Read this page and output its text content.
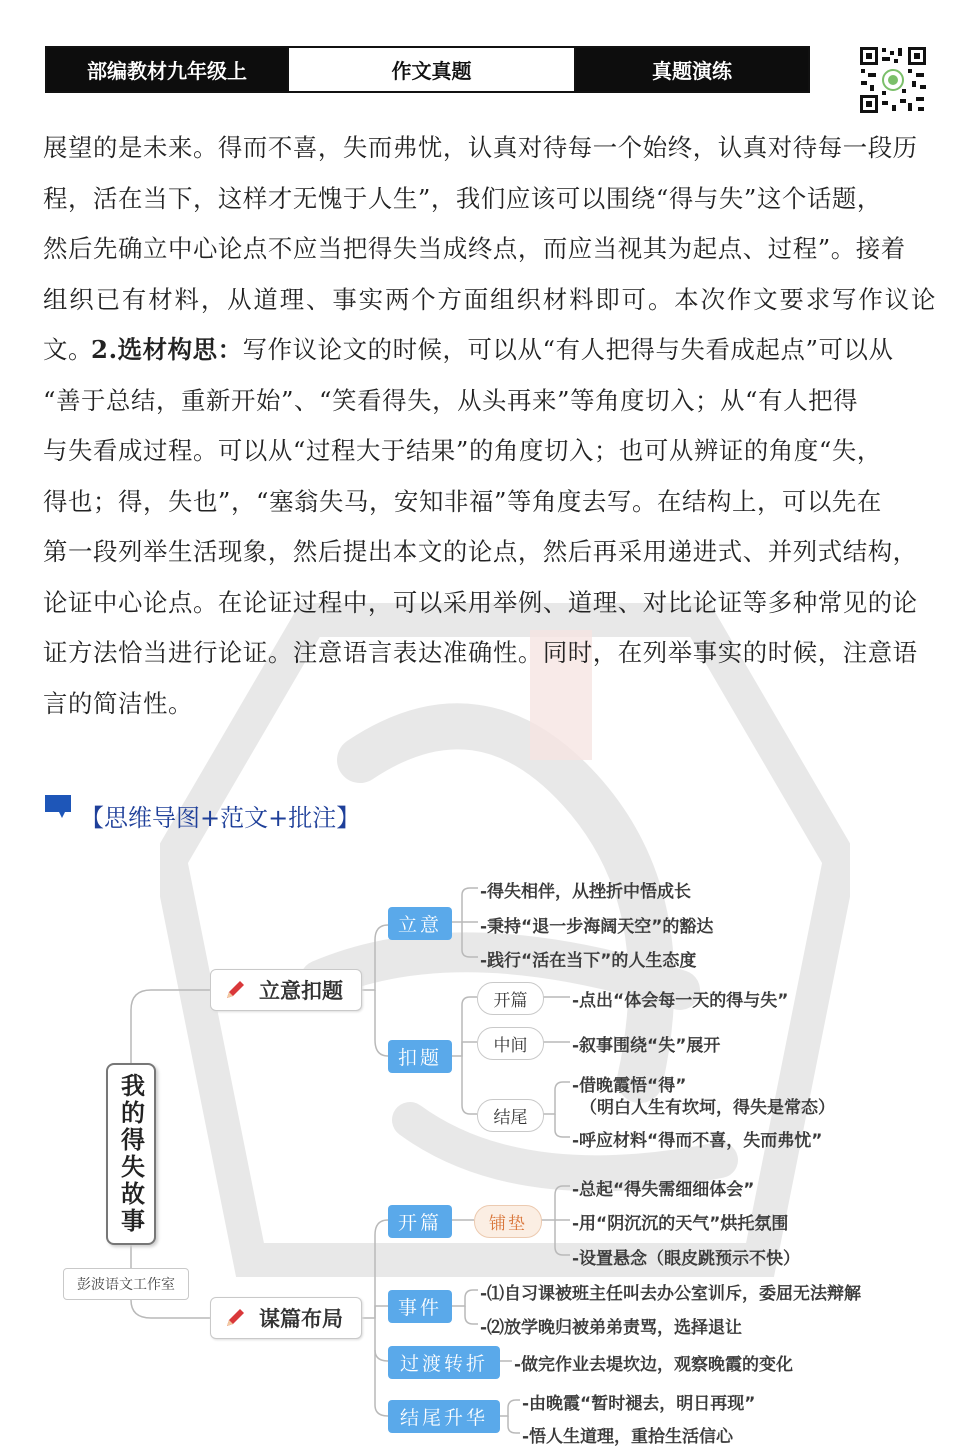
部编教材九年级上	作文真题	真题演练
展望的是未来。得而不喜，失而弗忧，认真对待每一个始终，认真对待每一段历
程，活在当下，这样才无愧于人生”，我们应该可以围绕“得与失”这个话题，
然后先确立中心论点不应当把得失当成终点，而应当视其为起点、过程”。接着
组织已有材料，从道理、事实两个方面组织材料即可。本次作文要求写作议论文。
2.选材构思：写作议论文的时候，可以从“有人把得与失看成起点”可以从
“善于总结，重新开始”、“笑看得失，从头再来”等角度切入；从“有人把得
与失看成过程。可以从“过程大于结果”的角度切入；也可从辨证的角度“失，
得也；得，失也”，“塞翁失马，安知非福”等角度去写。在结构上，可以先在
第一段列举生活现象，然后提出本文的论点，然后再采用递进式、并列式结构，
论证中心论点。在论证过程中，可以采用举例、道理、对比论证等多种常见的论
证方法恰当进行论证。注意语言表达准确性。同时，在列举事实的时候，注意语
言的简洁性。
【思维导图+范文+批注】
我的得失故事
彭波语文工作室
立意扣题
谋篇布局
立意
-得失相伴，从挫折中悟成长
-秉持“退一步海阔天空”的豁达
-践行“活在当下”的人生态度
扣题
开篇
中间
结尾
-点出“体会每一天的得与失”
-叙事围绕“失”展开
-借晚霞悟“得”
（明白人生有坎坷，得失是常态）
-呼应材料“得而不喜，失而弗忧”
开篇	铺垫
-总起“得失需细细体会”
-用“阴沉沉的天气”烘托氛围
-设置悬念（眼皮跳预示不快）
事件
-⑴自习课被班主任叫去办公室训斥，委屈无法辩解
-⑵放学晚归被弟弟责骂，选择退让
过渡转折	-做完作业去堤坎边，观察晚霞的变化
结尾升华
-由晚霞“暂时褪去，明日再现”
-悟人生道理，重拾生活信心
